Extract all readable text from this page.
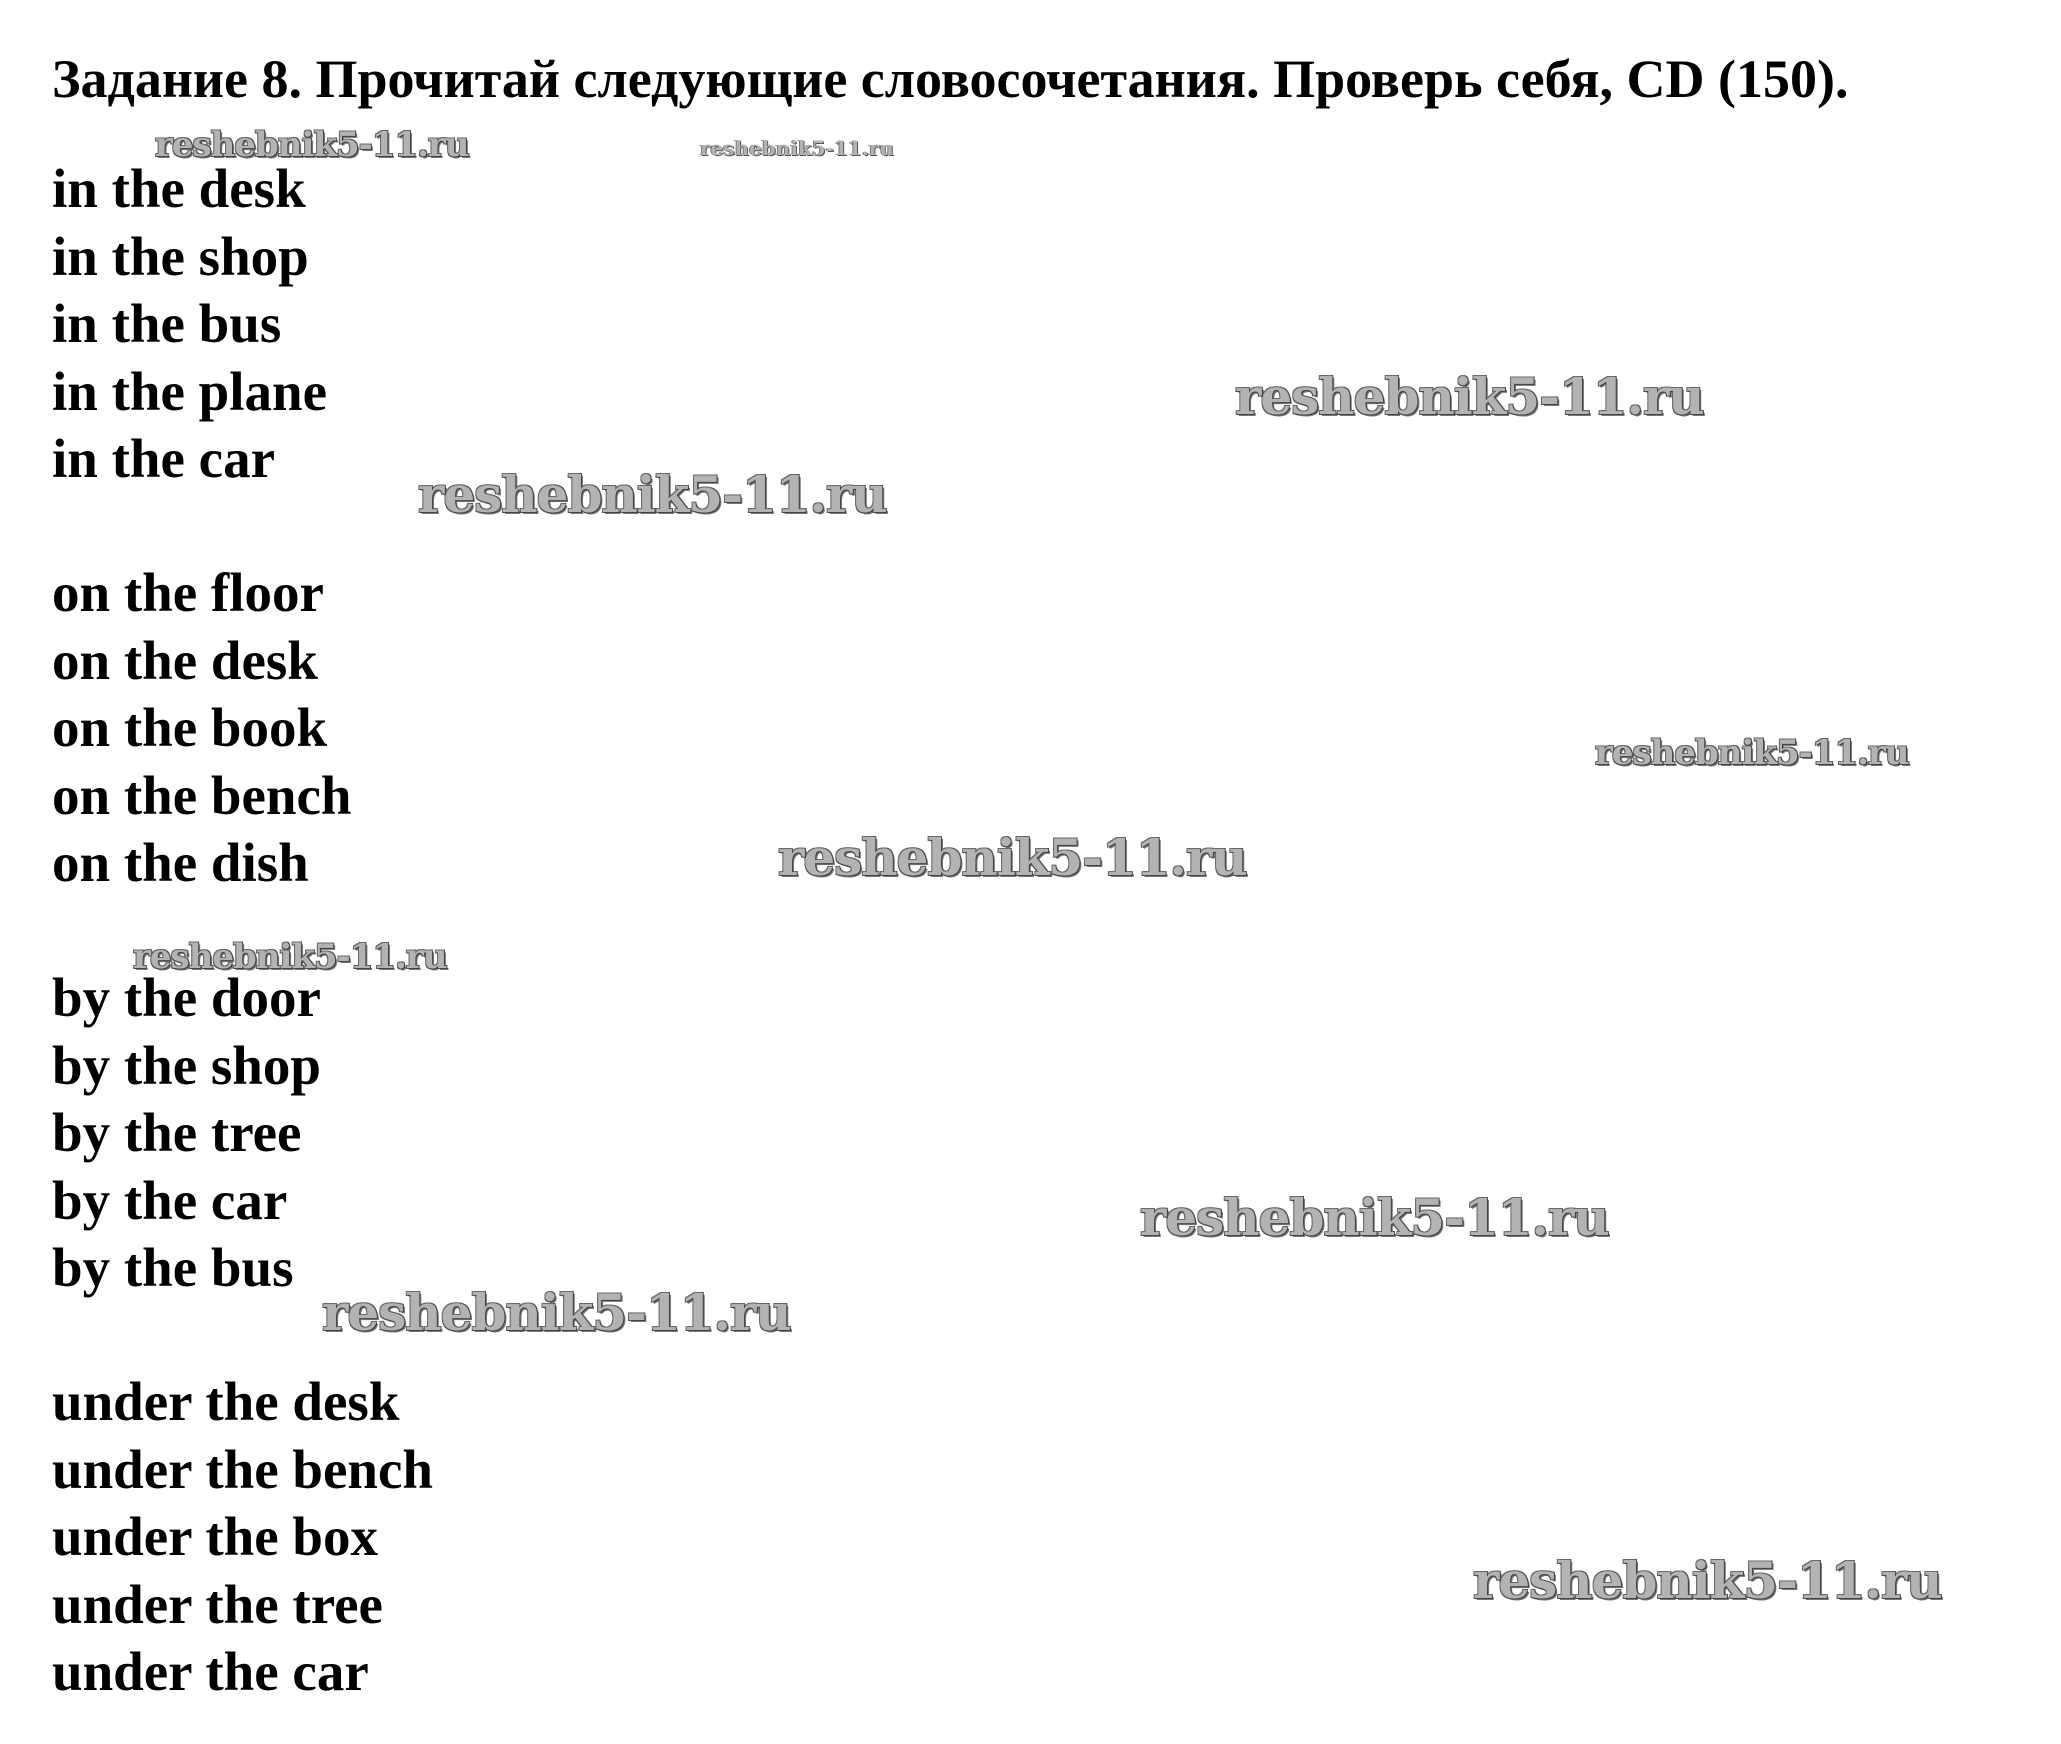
Задание 8. Прочитай следующие словосочетания. Проверь себя, CD (150).
in the desk
in the shop
in the bus
in the plane
in the car
on the floor
on the desk
on the book
on the bench
on the dish
by the door
by the shop
by the tree
by the car
by the bus
under the desk
under the bench
under the box
under the tree
under the car
reshebnik5-11.ru	reshebnik5-11.ru
reshebnik5-11.ru
reshebnik5-11.ru
reshebnik5-11.ru
reshebnik5-11.ru
reshebnik5-11.ru
reshebnik5-11.ru
reshebnik5-11.ru
reshebnik5-11.ru
